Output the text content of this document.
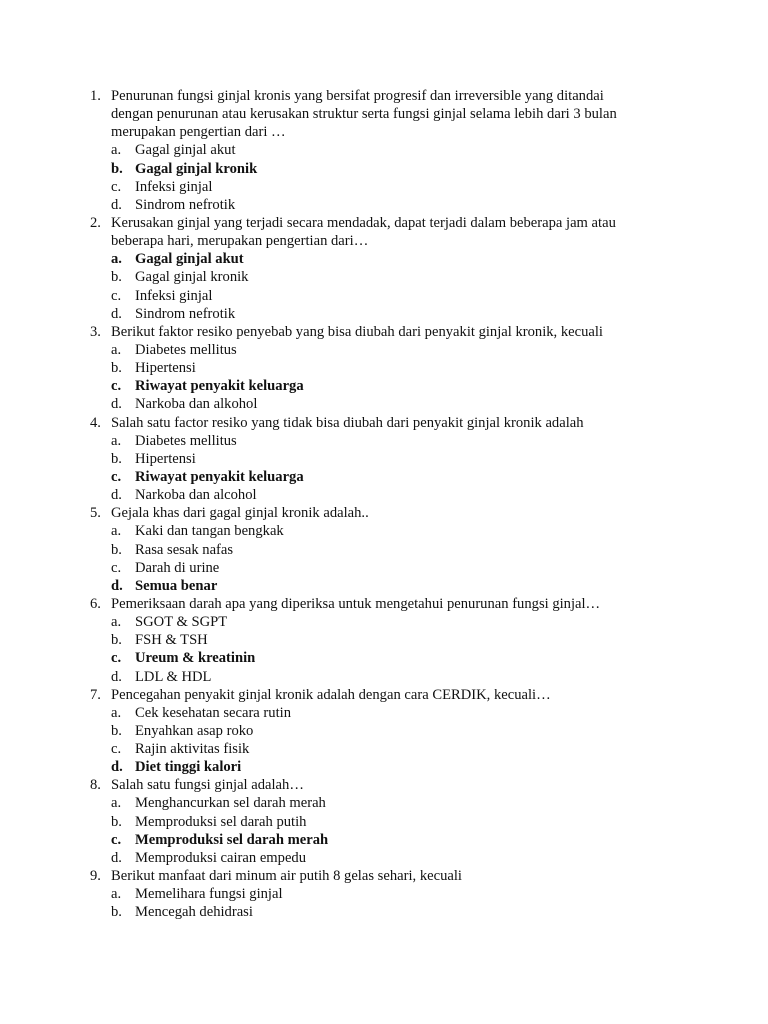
1. Penurunan fungsi ginjal kronis yang bersifat progresif dan irreversible yang ditandai
dengan penurunan atau kerusakan struktur serta fungsi ginjal selama lebih dari 3 bulan
merupakan pengertian dari …
a. Gagal ginjal akut
b. Gagal ginjal kronik
c. Infeksi ginjal
d. Sindrom nefrotik
2. Kerusakan ginjal yang terjadi secara mendadak, dapat terjadi dalam beberapa jam atau
beberapa hari, merupakan pengertian dari…
a. Gagal ginjal akut
b. Gagal ginjal kronik
c. Infeksi ginjal
d. Sindrom nefrotik
3. Berikut faktor resiko penyebab yang bisa diubah dari penyakit ginjal kronik, kecuali
a. Diabetes mellitus
b. Hipertensi
c. Riwayat penyakit keluarga
d. Narkoba dan alkohol
4. Salah satu factor resiko yang tidak bisa diubah dari penyakit ginjal kronik adalah
a. Diabetes mellitus
b. Hipertensi
c. Riwayat penyakit keluarga
d. Narkoba dan alcohol
5. Gejala khas dari gagal ginjal kronik adalah..
a. Kaki dan tangan bengkak
b. Rasa sesak nafas
c. Darah di urine
d. Semua benar
6. Pemeriksaan darah apa yang diperiksa untuk mengetahui penurunan fungsi ginjal…
a. SGOT & SGPT
b. FSH & TSH
c. Ureum & kreatinin
d. LDL & HDL
7. Pencegahan penyakit ginjal kronik adalah dengan cara CERDIK, kecuali…
a. Cek kesehatan secara rutin
b. Enyahkan asap roko
c. Rajin aktivitas fisik
d. Diet tinggi kalori
8. Salah satu fungsi ginjal adalah…
a. Menghancurkan sel darah merah
b. Memproduksi sel darah putih
c. Memproduksi sel darah merah
d. Memproduksi cairan empedu
9. Berikut manfaat dari minum air putih 8 gelas sehari, kecuali
a. Memelihara fungsi ginjal
b. Mencegah dehidrasi
